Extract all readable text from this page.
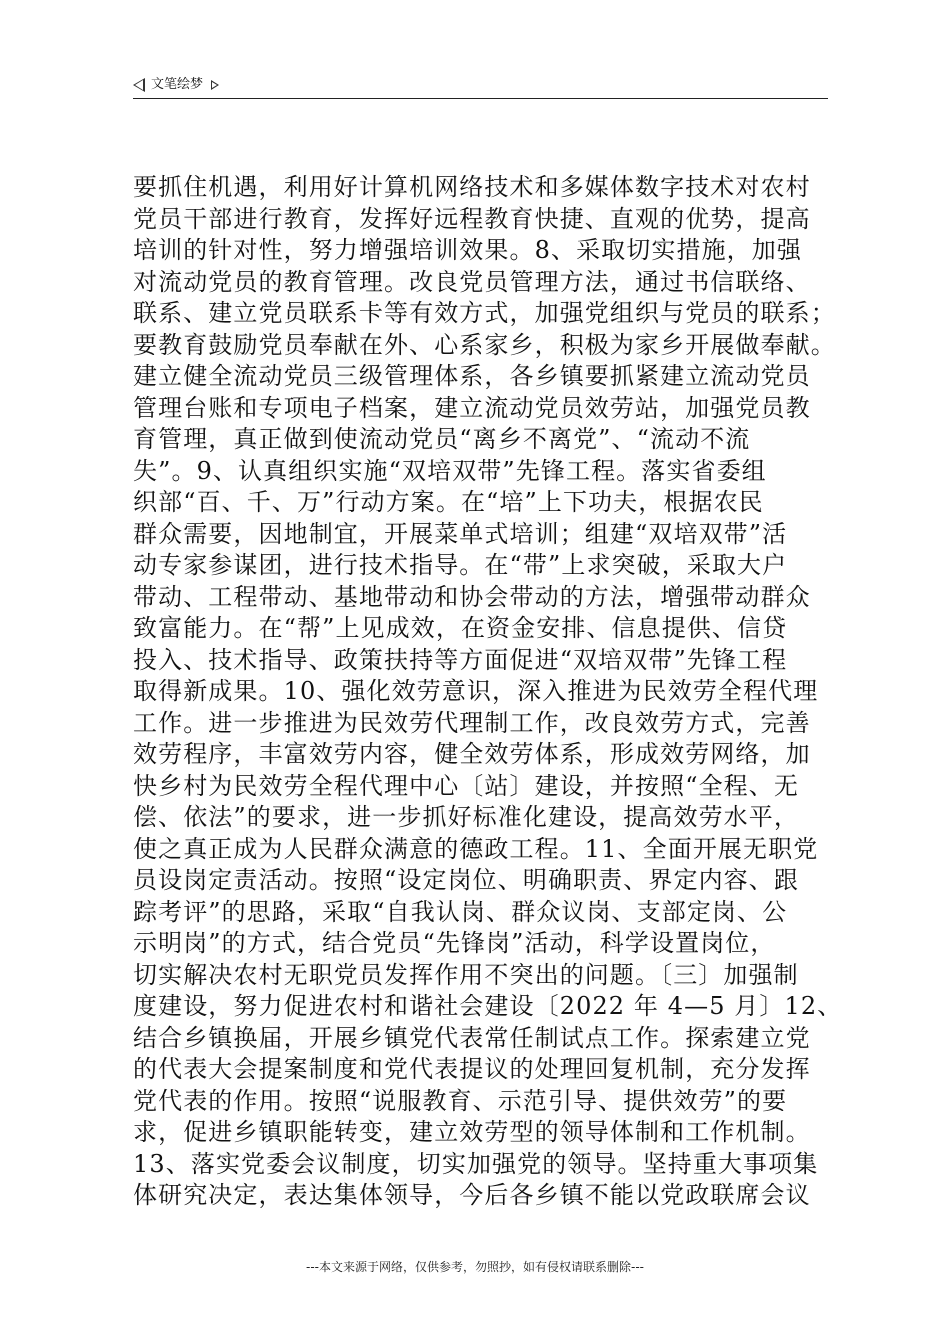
文笔绘梦
要抓住机遇，利用好计算机网络技术和多媒体数字技术对农村
党员干部进行教育，发挥好远程教育快捷、直观的优势，提高
培训的针对性，努力增强培训效果。8、采取切实措施，加强
对流动党员的教育管理。改良党员管理方法，通过书信联络、
联系、建立党员联系卡等有效方式，加强党组织与党员的联系；
要教育鼓励党员奉献在外、心系家乡，积极为家乡开展做奉献。
建立健全流动党员三级管理体系，各乡镇要抓紧建立流动党员
管理台账和专项电子档案，建立流动党员效劳站，加强党员教
育管理，真正做到使流动党员“离乡不离党”、“流动不流
失”。9、认真组织实施“双培双带”先锋工程。落实省委组
织部“百、千、万”行动方案。在“培”上下功夫，根据农民
群众需要，因地制宜，开展菜单式培训；组建“双培双带”活
动专家参谋团，进行技术指导。在“带”上求突破，采取大户
带动、工程带动、基地带动和协会带动的方法，增强带动群众
致富能力。在“帮”上见成效，在资金安排、信息提供、信贷
投入、技术指导、政策扶持等方面促进“双培双带”先锋工程
取得新成果。10、强化效劳意识，深入推进为民效劳全程代理
工作。进一步推进为民效劳代理制工作，改良效劳方式，完善
效劳程序，丰富效劳内容，健全效劳体系，形成效劳网络，加
快乡村为民效劳全程代理中心〔站〕建设，并按照“全程、无
偿、依法”的要求，进一步抓好标准化建设，提高效劳水平，
使之真正成为人民群众满意的德政工程。11、全面开展无职党
员设岗定责活动。按照“设定岗位、明确职责、界定内容、跟
踪考评”的思路，采取“自我认岗、群众议岗、支部定岗、公
示明岗”的方式，结合党员“先锋岗”活动，科学设置岗位，
切实解决农村无职党员发挥作用不突出的问题。〔三〕加强制
度建设，努力促进农村和谐社会建设〔2022 年 4—5 月〕12、
结合乡镇换届，开展乡镇党代表常任制试点工作。探索建立党
的代表大会提案制度和党代表提议的处理回复机制，充分发挥
党代表的作用。按照“说服教育、示范引导、提供效劳”的要
求，促进乡镇职能转变，建立效劳型的领导体制和工作机制。
13、落实党委会议制度，切实加强党的领导。坚持重大事项集
体研究决定，表达集体领导，今后各乡镇不能以党政联席会议
---本文来源于网络，仅供参考，勿照抄，如有侵权请联系删除---
